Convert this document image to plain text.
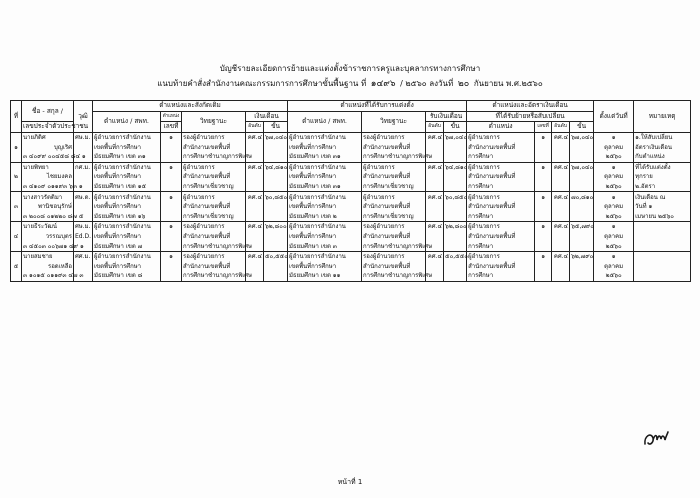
บัญชีรายละเอียดการย้ายและแต่งตั้งข้าราชการครูและบุคลากรทางการศึกษา
แนบท้ายคำสั่งสำนักงานคณะกรรมการการศึกษาขั้นพื้นฐาน ที่ ๑๔๙๖ / ๒๕๖๐ ลงวันที่ ๒๐ กันยายน พ.ศ.๒๕๖๐
ที่	ชื่อ - สกุล /	วุฒิ	ตำแหน่งและสังกัดเดิม					ตำแหน่งที่ได้รับการแต่งตั้ง				ตำแหน่งและอัตราเงินเดือน				ตั้งแต่วันที่	หมายเหตุ
			ตำแหน่ง / สพท.	ตำแหน่ง	วิทยฐานะ	เงินเดือน		ตำแหน่ง / สพท.	วิทยฐานะ	รับเงินเดือน		ที่ได้รับย้ายหรือสับเปลี่ยน					
	เลขประจำตัวประชาชน			เลขที่		อันดับ	ขั้น			อันดับ	ขั้น	ตำแหน่ง	เลขที่	อันดับ	ขั้น		
	นายภิดิศ	ศษ.ม.	ผู้อำนวยการสำนักงาน	๑	รองผู้อำนวยการ	คศ.๔	๖๗,๐๔๐	ผู้อำนวยการสำนักงาน	รองผู้อำนวยการ	คศ.๔	๖๗,๐๔๐	ผู้อำนวยการ	๑	คศ.๔	๖๗,๐๔๐	๑	๑.ให้สับเปลี่ยน
๑	บุญเริศ		เขตพื้นที่การศึกษา		สำนักงานเขตพื้นที่			เขตพื้นที่การศึกษา	สำนักงานเขตพื้นที่			สำนักงานเขตพื้นที่				ตุลาคม	อัตราเงินเดือน
	๓ ๔๐๙๙ ๐๐๔๕๘ ๘๔ ๑		มัธยมศึกษา เขต ๓๑		การศึกษาชำนาญการพิเศษ			มัธยมศึกษา เขต ๓๑	การศึกษาชำนาญการพิเศษ			การศึกษา				๒๕๖๐	กับตำแหน่ง
	นายพิทยา	กศ.ม.	ผู้อำนวยการสำนักงาน	๑	ผู้อำนวยการ	คศ.๔	๖๔,๘๑๐	ผู้อำนวยการสำนักงาน	ผู้อำนวยการ	คศ.๔	๖๔,๘๑๐	ผู้อำนวยการ	๑	คศ.๔	๖๗,๐๔๐	๑	ที่ได้รับแต่งตั้ง
๒	ไชยมงคล		เขตพื้นที่การศึกษา		สำนักงานเขตพื้นที่			เขตพื้นที่การศึกษา	สำนักงานเขตพื้นที่			สำนักงานเขตพื้นที่				ตุลาคม	ทุกราย
	๓ ๔๑๐๙ ๐๑๑๙๓ ๖๓ ๑		มัธยมศึกษา เขต ๑๕		การศึกษาเชี่ยวชาญ			มัธยมศึกษา เขต ๓๑	การศึกษาเชี่ยวชาญ			การศึกษา				๒๕๖๐	๒.อัตรา
	นางสาวรัตติมา	ศษ.ด.	ผู้อำนวยการสำนักงาน	๑	ผู้อำนวยการ	คศ.๔	๖๐,๘๕๐	ผู้อำนวยการสำนักงาน	ผู้อำนวยการ	คศ.๔	๖๐,๘๕๐	ผู้อำนวยการ	๑	คศ.๔	๗๐,๘๑๐	๑	เงินเดือน ณ
๓	พานิชอนุรักษ์		เขตพื้นที่การศึกษา		สำนักงานเขตพื้นที่			เขตพื้นที่การศึกษา	สำนักงานเขตพื้นที่			สำนักงานเขตพื้นที่				ตุลาคม	วันที่ ๑
	๓ ๒๐๐๘ ๐๑๒๒๐ ๘๗ ๕		มัธยมศึกษา เขต ๑๖		การศึกษาเชี่ยวชาญ			มัธยมศึกษา เขต ๒	การศึกษาเชี่ยวชาญ			การศึกษา				๒๕๖๐	เมษายน ๒๕๖๐
	นายธีระวัฒน์	ศษ.ม.	ผู้อำนวยการสำนักงาน	๑	รองผู้อำนวยการ	คศ.๔	๖๒,๘๐๐	ผู้อำนวยการสำนักงาน	รองผู้อำนวยการ	คศ.๔	๖๒,๘๐๐	ผู้อำนวยการ	๑	คศ.๔	๖๕,๗๙๐	๑	
๔	วรรณบุตร	Ed.D.	เขตพื้นที่การศึกษา		สำนักงานเขตพื้นที่			เขตพื้นที่การศึกษา	สำนักงานเขตพื้นที่			สำนักงานเขตพื้นที่				ตุลาคม	
	๓ ๔๕๐๓ ๐๐๖๗๑ ๔๙ ๑		มัธยมศึกษา เขต ๗		การศึกษาชำนาญการพิเศษ			มัธยมศึกษา เขต ๓	การศึกษาชำนาญการพิเศษ			การศึกษา				๒๕๖๐	
	นายสมชาย	ศศ.ม.	ผู้อำนวยการสำนักงาน	๑	รองผู้อำนวยการ	คศ.๔	๕๐,๕๕๐	ผู้อำนวยการสำนักงาน	รองผู้อำนวยการ	คศ.๔	๕๐,๕๕๐	ผู้อำนวยการ	๑	คศ.๔	๖๒,๗๙๐	๑	
๕	รอดเหลือ		เขตพื้นที่การศึกษา		สำนักงานเขตพื้นที่			เขตพื้นที่การศึกษา	สำนักงานเขตพื้นที่			สำนักงานเขตพื้นที่				ตุลาคม	
	๓ ๑๐๑๕ ๐๑๑๙๓ ๔๗ ๓		มัธยมศึกษา เขต ๘		การศึกษาชำนาญการพิเศษ			มัธยมศึกษา เขต ๑๑	การศึกษาชำนาญการพิเศษ			การศึกษา				๒๕๖๐	
หน้าที่ 1
